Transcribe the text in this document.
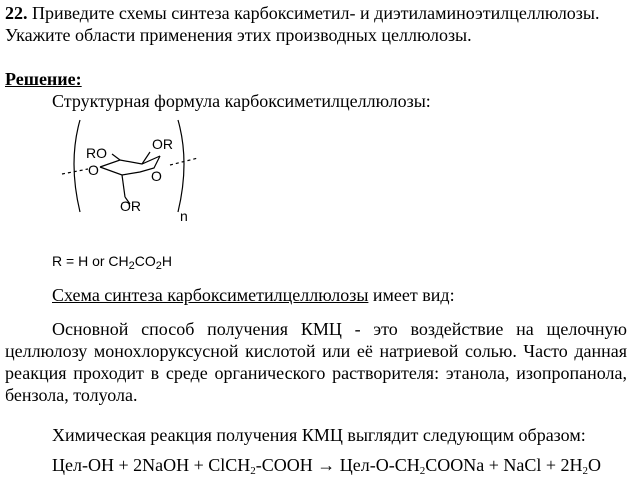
22. Приведите схемы синтеза карбоксиметил- и диэтиламиноэтилцеллюлозы.
Укажите области применения этих производных целлюлозы.
Решение:
Структурная формула карбоксиметилцеллюлозы:
RO
OR
O	O
OR
n
R = H or $CH_2CO_2H$
Схема синтеза карбоксиметилцеллюлозы имеет вид:
Основной способ получения КМЦ - это воздействие на щелочную целлюлозу монохлоруксусной кислотой или её натриевой солью. Часто данная реакция проходит в среде органического растворителя: этанола, изопропанола, бензола, толуола.
Химическая реакция получения КМЦ выглядит следующим образом:
Цел-OH + 2NaOH + ClCH$_2$-COOH → Цел-$O-CH_2COONa$ + NaCl + $2H_2O$
